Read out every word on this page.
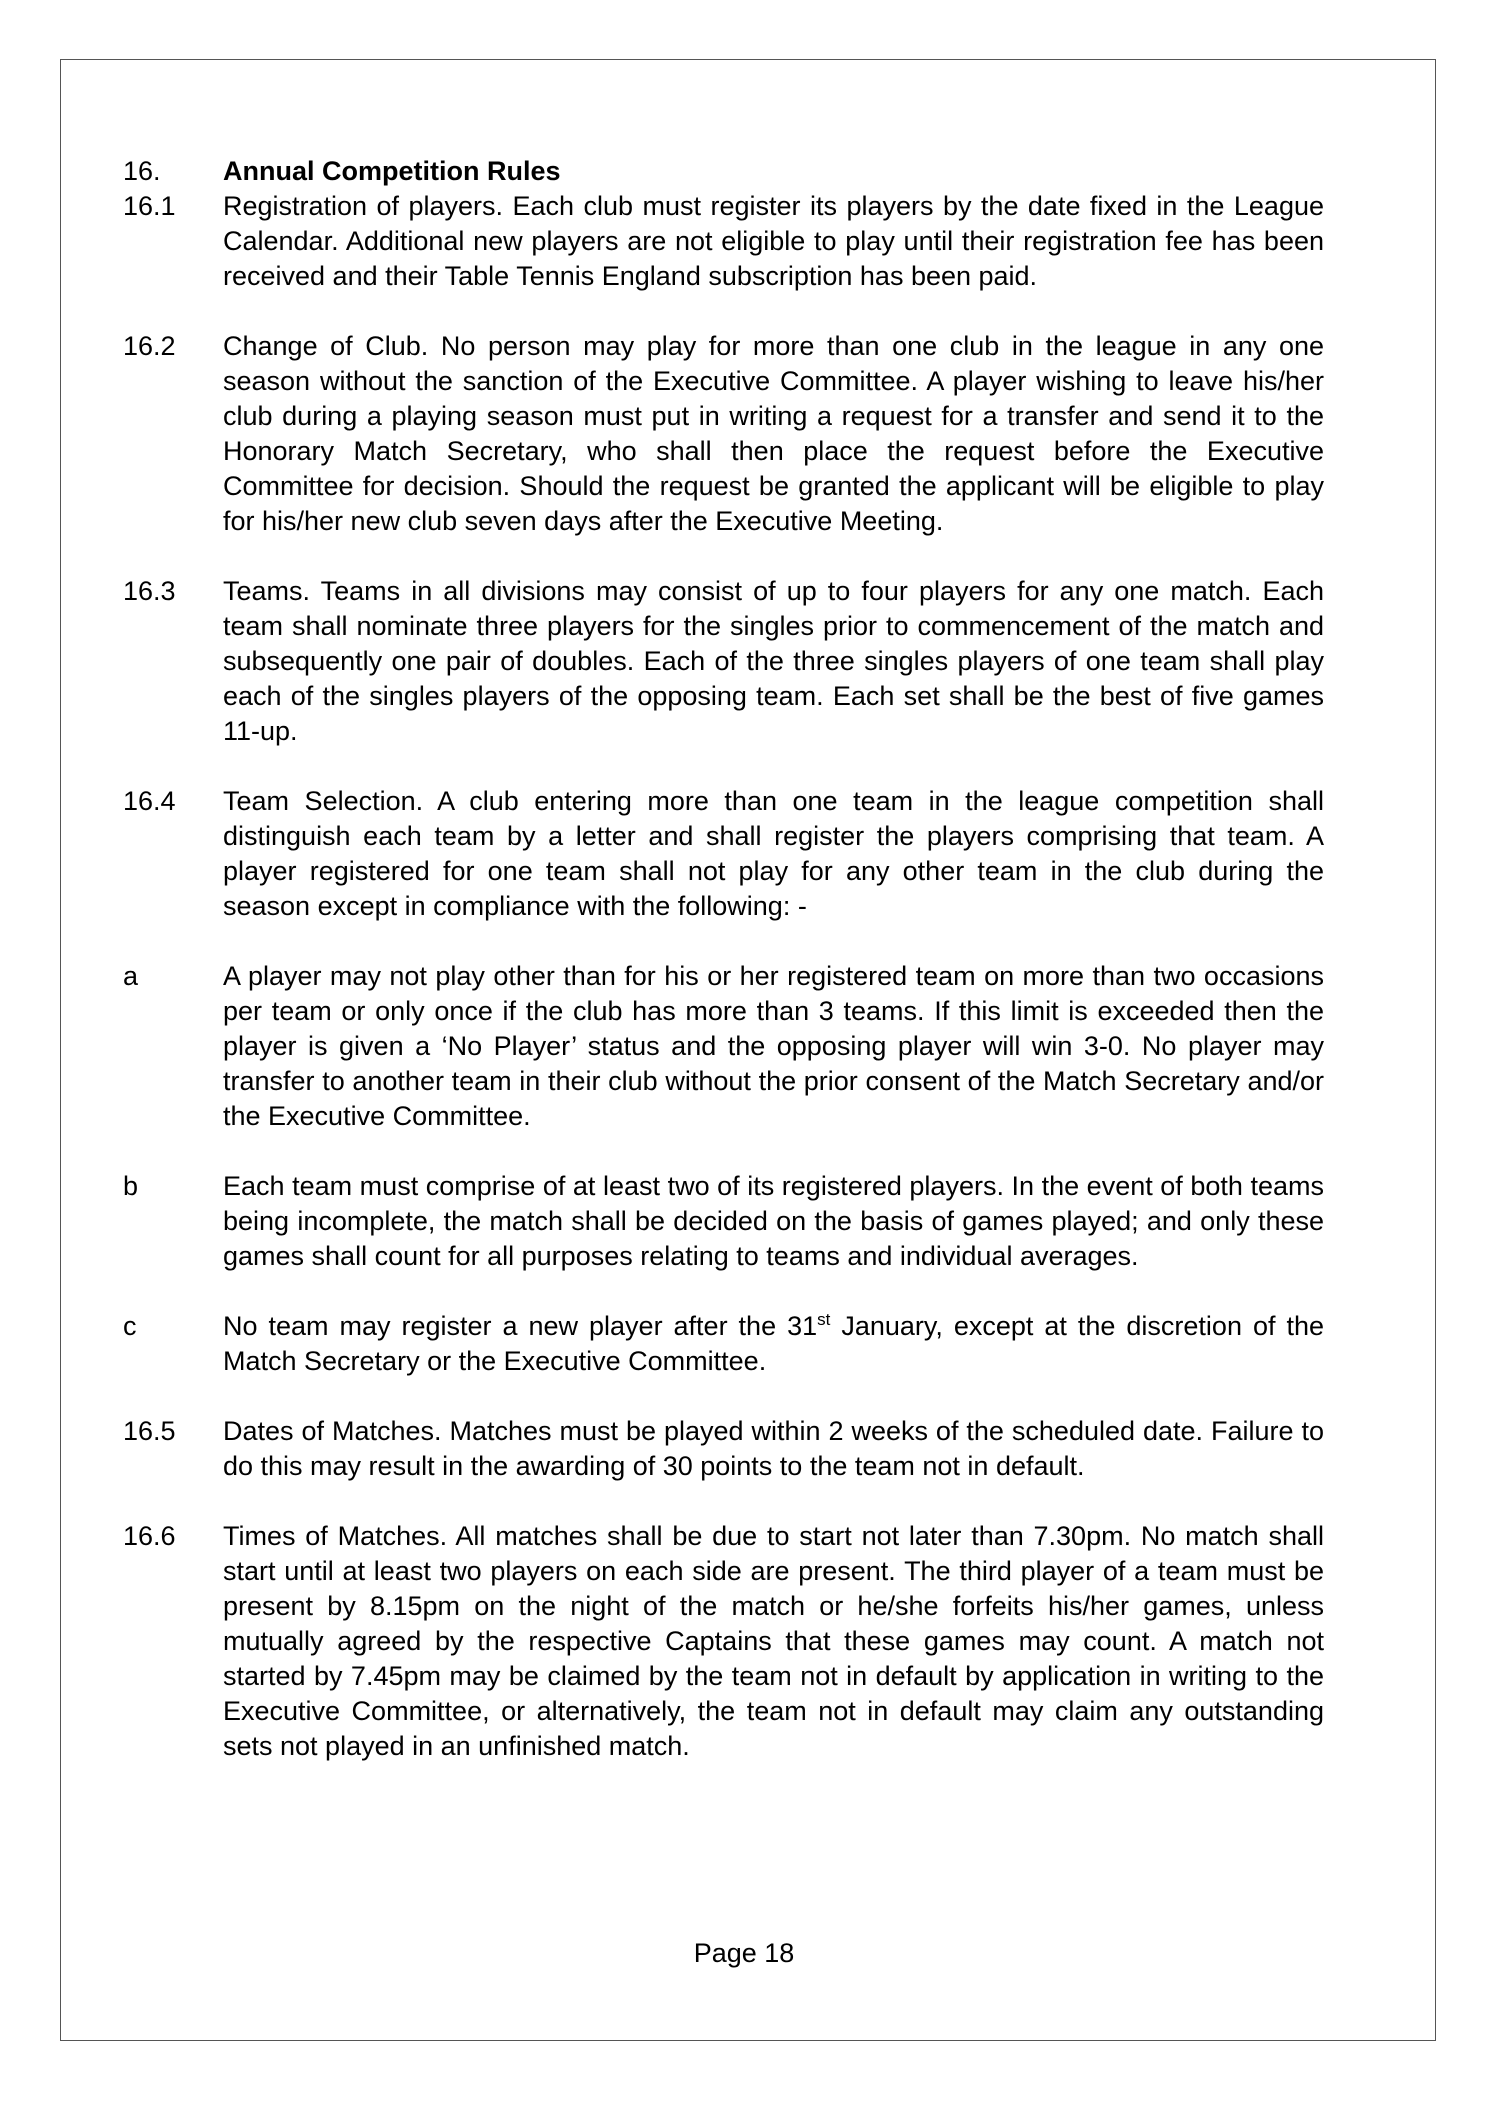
16.	Annual Competition Rules
16.1	Registration of players. Each club must register its players by the date fixed in the League Calendar. Additional new players are not eligible to play until their registration fee has been received and their Table Tennis England subscription has been paid.
16.2	Change of Club. No person may play for more than one club in the league in any one season without the sanction of the Executive Committee. A player wishing to leave his/her club during a playing season must put in writing a request for a transfer and send it to the Honorary Match Secretary, who shall then place the request before the Executive Committee for decision. Should the request be granted the applicant will be eligible to play for his/her new club seven days after the Executive Meeting.
16.3	Teams. Teams in all divisions may consist of up to four players for any one match. Each team shall nominate three players for the singles prior to commencement of the match and subsequently one pair of doubles. Each of the three singles players of one team shall play each of the singles players of the opposing team. Each set shall be the best of five games 11-up.
16.4	Team Selection. A club entering more than one team in the league competition shall distinguish each team by a letter and shall register the players comprising that team. A player registered for one team shall not play for any other team in the club during the season except in compliance with the following: -
a	A player may not play other than for his or her registered team on more than two occasions per team or only once if the club has more than 3 teams. If this limit is exceeded then the player is given a ‘No Player’ status and the opposing player will win 3-0. No player may transfer to another team in their club without the prior consent of the Match Secretary and/or the Executive Committee.
b	Each team must comprise of at least two of its registered players. In the event of both teams being incomplete, the match shall be decided on the basis of games played; and only these games shall count for all purposes relating to teams and individual averages.
c	No team may register a new player after the 31st January, except at the discretion of the Match Secretary or the Executive Committee.
16.5	Dates of Matches. Matches must be played within 2 weeks of the scheduled date. Failure to do this may result in the awarding of 30 points to the team not in default.
16.6	Times of Matches. All matches shall be due to start not later than 7.30pm. No match shall start until at least two players on each side are present. The third player of a team must be present by 8.15pm on the night of the match or he/she forfeits his/her games, unless mutually agreed by the respective Captains that these games may count. A match not started by 7.45pm may be claimed by the team not in default by application in writing to the Executive Committee, or alternatively, the team not in default may claim any outstanding sets not played in an unfinished match.
Page 18
